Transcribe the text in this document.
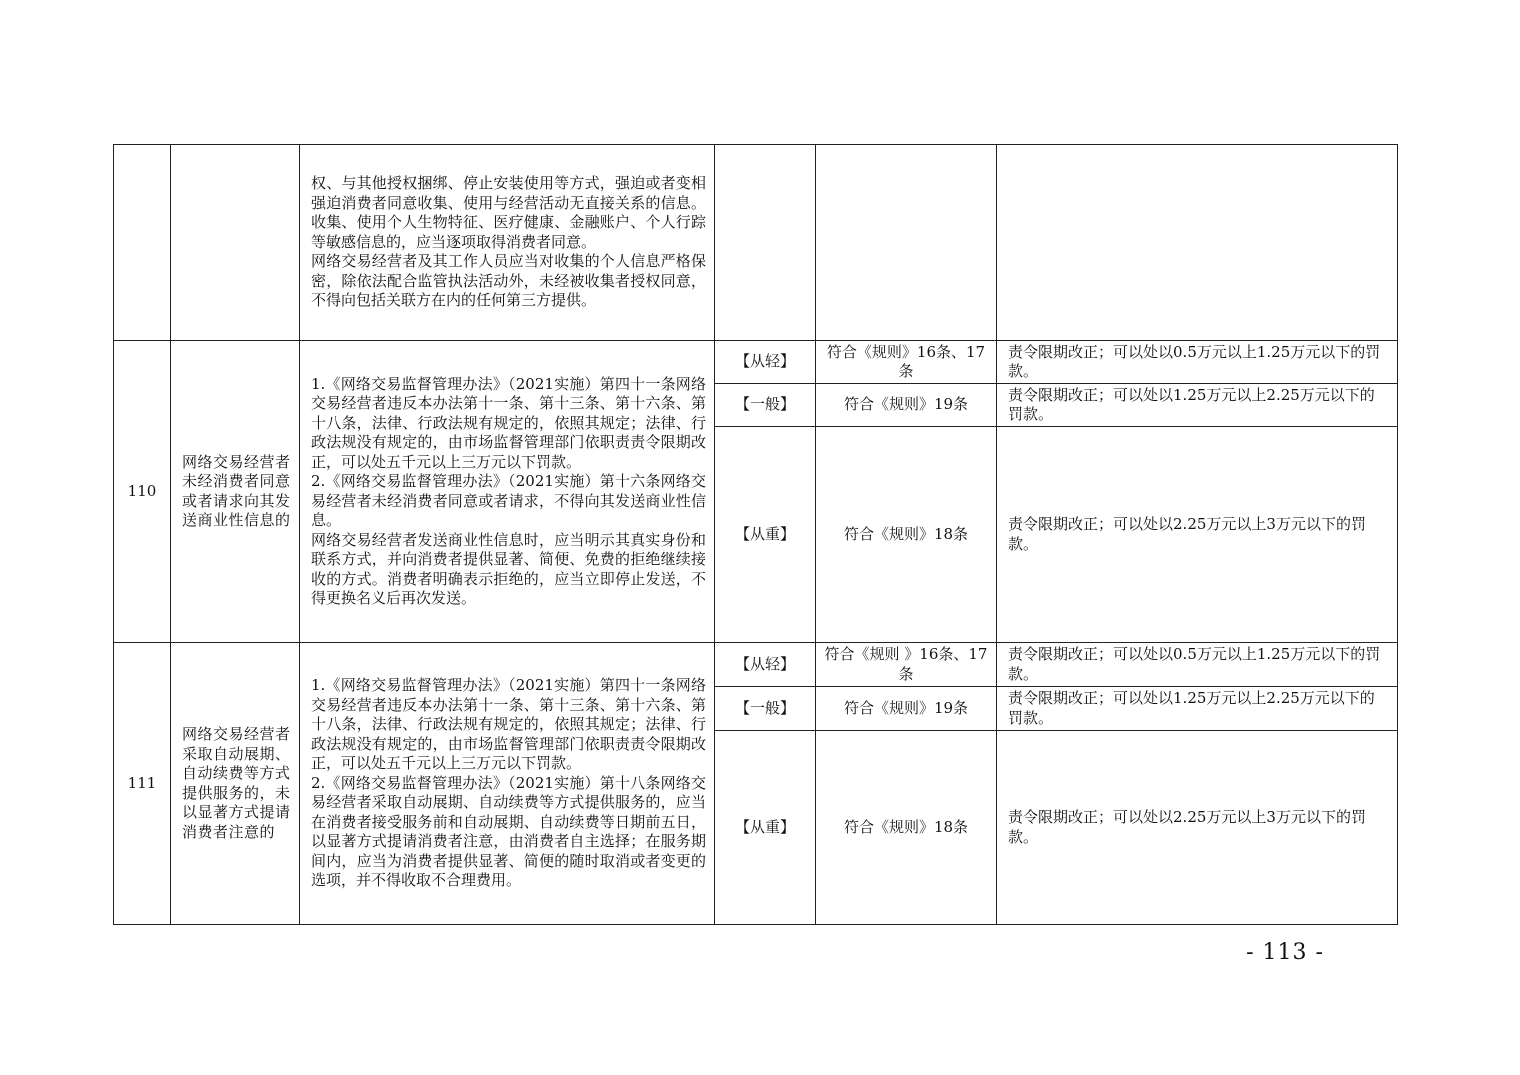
		权、与其他授权捆绑、停止安装使用等方式，强迫或者变相强迫消费者同意收集、使用与经营活动无直接关系的信息。收集、使用个人生物特征、医疗健康、金融账户、个人行踪等敏感信息的，应当逐项取得消费者同意。
网络交易经营者及其工作人员应当对收集的个人信息严格保密，除依法配合监管执法活动外，未经被收集者授权同意，不得向包括关联方在内的任何第三方提供。			

110	网络交易经营者未经消费者同意或者请求向其发送商业性信息的	1.《网络交易监督管理办法》（2021实施）第四十一条网络交易经营者违反本办法第十一条、第十三条、第十六条、第十八条，法律、行政法规有规定的，依照其规定；法律、行政法规没有规定的，由市场监督管理部门依职责责令限期改正，可以处五千元以上三万元以下罚款。
2.《网络交易监督管理办法》（2021实施）第十六条网络交易经营者未经消费者同意或者请求，不得向其发送商业性信息。
网络交易经营者发送商业性信息时，应当明示其真实身份和联系方式，并向消费者提供显著、简便、免费的拒绝继续接收的方式。消费者明确表示拒绝的，应当立即停止发送，不得更换名义后再次发送。	【从轻】	符合《规则》16条、17条	责令限期改正；可以处以0.5万元以上1.25万元以下的罚款。
			【一般】	符合《规则》19条	责令限期改正；可以处以1.25万元以上2.25万元以下的罚款。
			【从重】	符合《规则》18条	责令限期改正；可以处以2.25万元以上3万元以下的罚款。
111	网络交易经营者采取自动展期、自动续费等方式提供服务的，未以显著方式提请消费者注意的	1.《网络交易监督管理办法》（2021实施）第四十一条网络交易经营者违反本办法第十一条、第十三条、第十六条、第十八条，法律、行政法规有规定的，依照其规定；法律、行政法规没有规定的，由市场监督管理部门依职责责令限期改正，可以处五千元以上三万元以下罚款。
2.《网络交易监督管理办法》（2021实施）第十八条网络交易经营者采取自动展期、自动续费等方式提供服务的，应当在消费者接受服务前和自动展期、自动续费等日期前五日，以显著方式提请消费者注意，由消费者自主选择；在服务期间内，应当为消费者提供显著、简便的随时取消或者变更的选项，并不得收取不合理费用。	【从轻】	符合《规则 》16条、17条	责令限期改正；可以处以0.5万元以上1.25万元以下的罚款。
			【一般】	符合《规则》19条	责令限期改正；可以处以1.25万元以上2.25万元以下的罚款。
			【从重】	符合《规则》18条	责令限期改正；可以处以2.25万元以上3万元以下的罚款。
- 113 -
